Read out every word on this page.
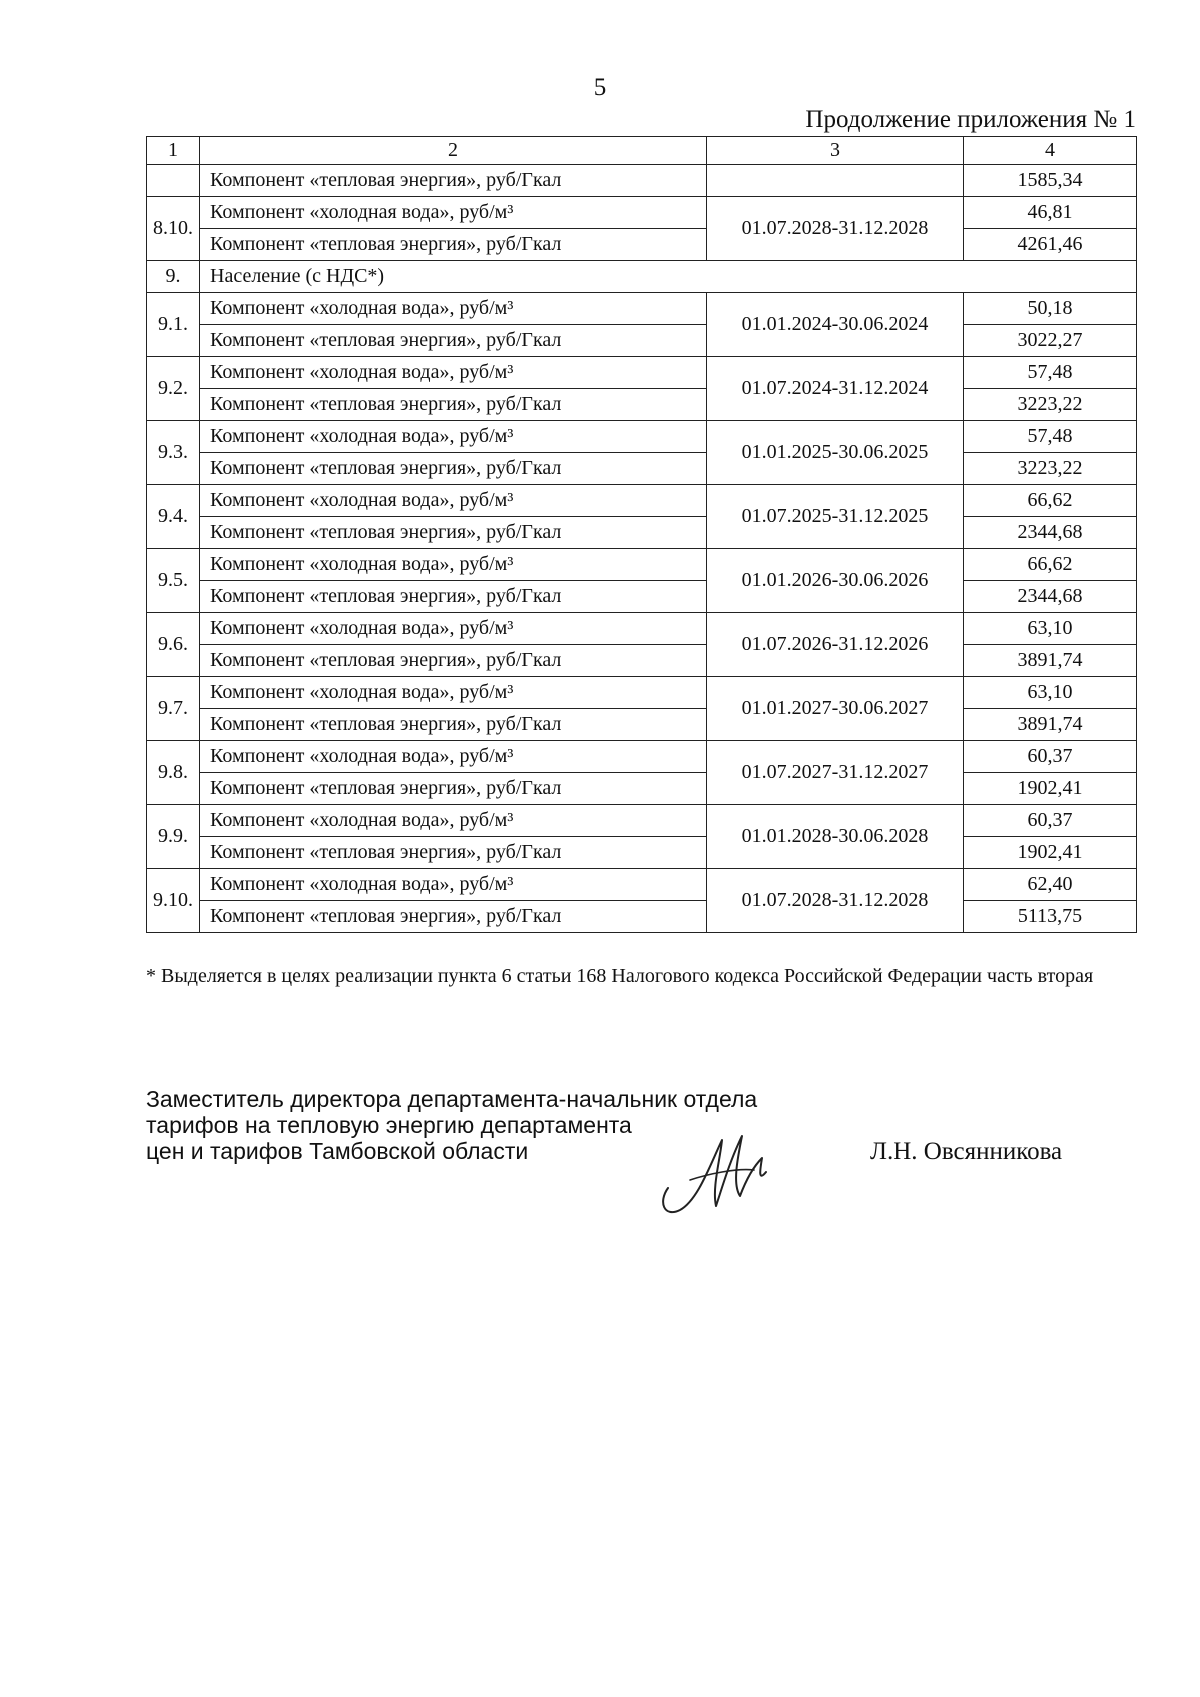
5
Продолжение приложения № 1
1	2	3	4
	Компонент «тепловая энергия», руб/Гкал		1585,34
8.10.	Компонент «холодная вода», руб/м³	01.07.2028-31.12.2028	46,81
	Компонент «тепловая энергия», руб/Гкал		4261,46
9.	Население (с НДС*)		
9.1.	Компонент «холодная вода», руб/м³	01.01.2024-30.06.2024	50,18
	Компонент «тепловая энергия», руб/Гкал		3022,27
9.2.	Компонент «холодная вода», руб/м³	01.07.2024-31.12.2024	57,48
	Компонент «тепловая энергия», руб/Гкал		3223,22
9.3.	Компонент «холодная вода», руб/м³	01.01.2025-30.06.2025	57,48
	Компонент «тепловая энергия», руб/Гкал		3223,22
9.4.	Компонент «холодная вода», руб/м³	01.07.2025-31.12.2025	66,62
	Компонент «тепловая энергия», руб/Гкал		2344,68
9.5.	Компонент «холодная вода», руб/м³	01.01.2026-30.06.2026	66,62
	Компонент «тепловая энергия», руб/Гкал		2344,68
9.6.	Компонент «холодная вода», руб/м³	01.07.2026-31.12.2026	63,10
	Компонент «тепловая энергия», руб/Гкал		3891,74
9.7.	Компонент «холодная вода», руб/м³	01.01.2027-30.06.2027	63,10
	Компонент «тепловая энергия», руб/Гкал		3891,74
9.8.	Компонент «холодная вода», руб/м³	01.07.2027-31.12.2027	60,37
	Компонент «тепловая энергия», руб/Гкал		1902,41
9.9.	Компонент «холодная вода», руб/м³	01.01.2028-30.06.2028	60,37
	Компонент «тепловая энергия», руб/Гкал		1902,41
9.10.	Компонент «холодная вода», руб/м³	01.07.2028-31.12.2028	62,40
	Компонент «тепловая энергия», руб/Гкал		5113,75
* Выделяется в целях реализации пункта 6 статьи 168 Налогового кодекса Российской Федерации часть вторая
Заместитель директора департамента-начальник отдела
тарифов на тепловую энергию департамента
цен и тарифов Тамбовской области	Л.Н. Овсянникова
